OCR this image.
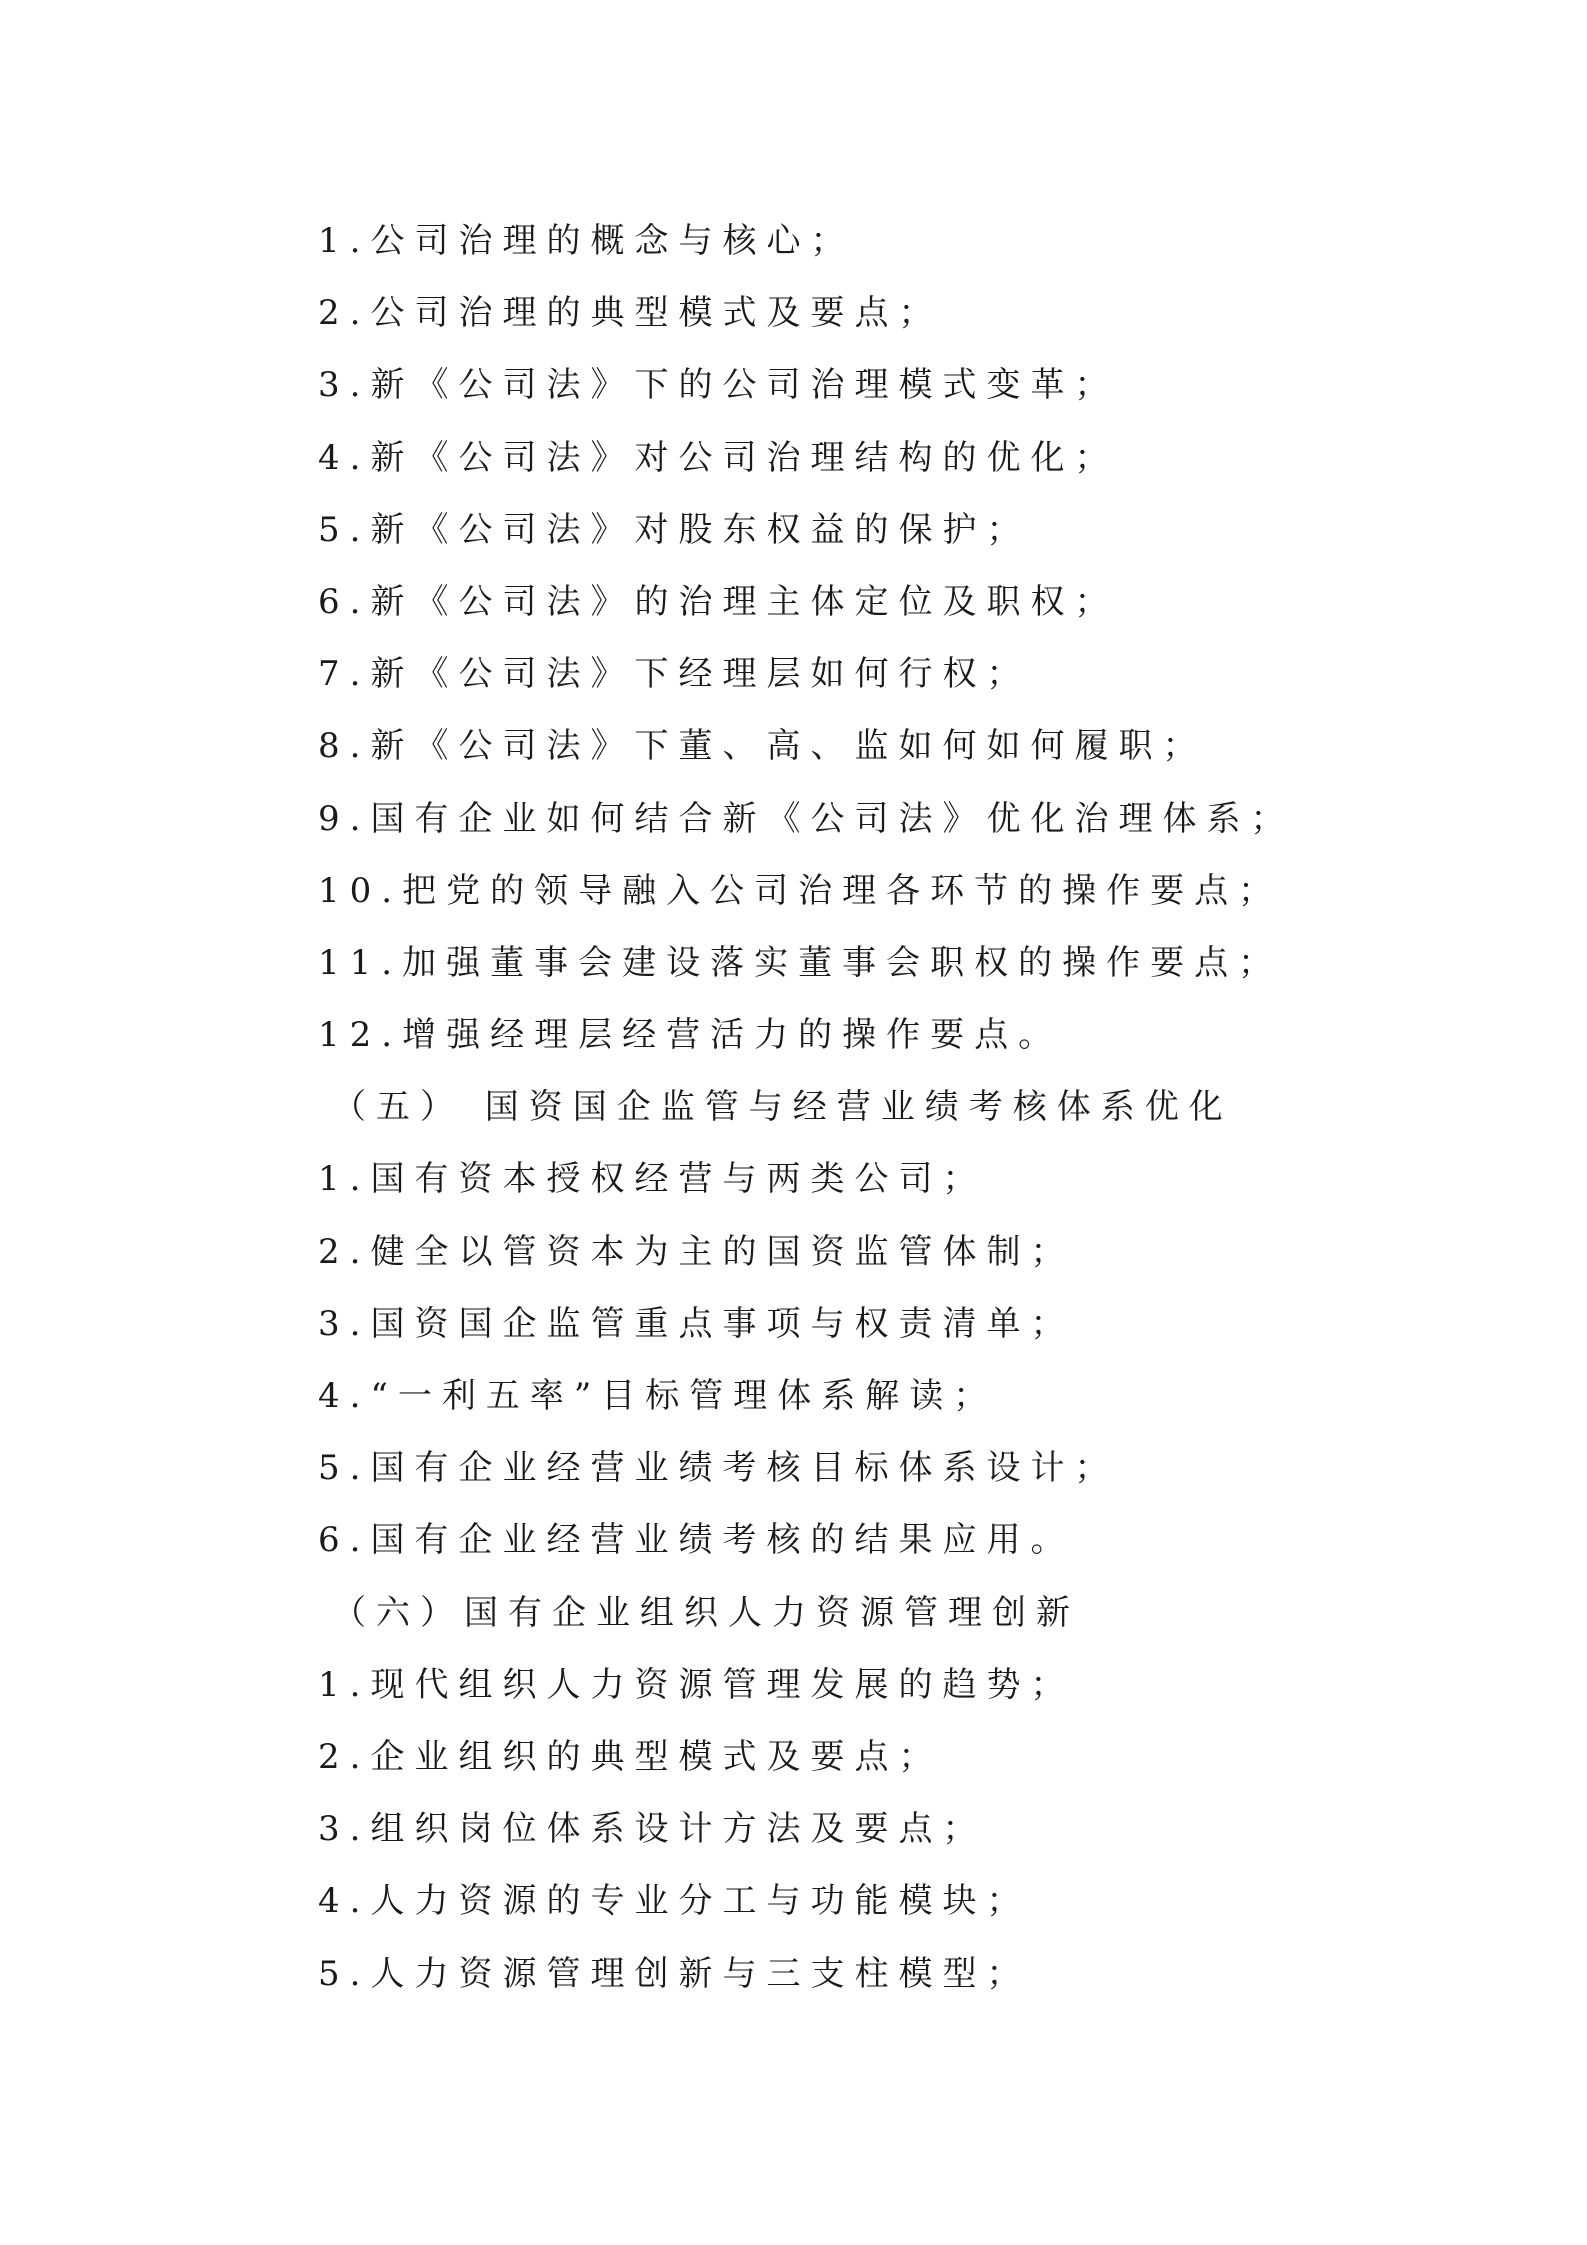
1.公司治理的概念与核心；
2.公司治理的典型模式及要点；
3.新《公司法》下的公司治理模式变革；
4.新《公司法》对公司治理结构的优化；
5.新《公司法》对股东权益的保护；
6.新《公司法》的治理主体定位及职权；
7.新《公司法》下经理层如何行权；
8.新《公司法》下董、高、监如何如何履职；
9.国有企业如何结合新《公司法》优化治理体系；
10.把党的领导融入公司治理各环节的操作要点；
11.加强董事会建设落实董事会职权的操作要点；
12.增强经理层经营活力的操作要点。
（五） 国资国企监管与经营业绩考核体系优化
1.国有资本授权经营与两类公司；
2.健全以管资本为主的国资监管体制；
3.国资国企监管重点事项与权责清单；
4.“一利五率”目标管理体系解读；
5.国有企业经营业绩考核目标体系设计；
6.国有企业经营业绩考核的结果应用。
（六）国有企业组织人力资源管理创新
1.现代组织人力资源管理发展的趋势；
2.企业组织的典型模式及要点；
3.组织岗位体系设计方法及要点；
4.人力资源的专业分工与功能模块；
5.人力资源管理创新与三支柱模型；
